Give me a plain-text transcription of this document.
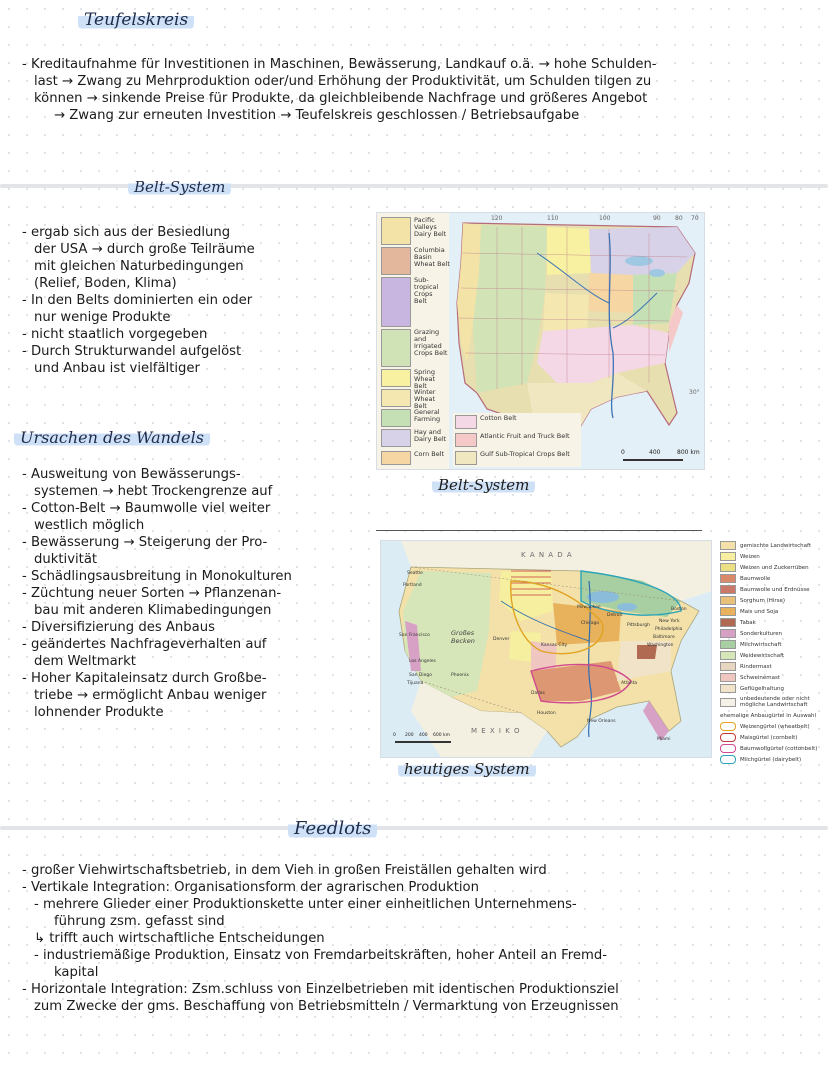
Teufelskreis

- Kreditaufnahme für Investitionen in Maschinen, Bewässerung, Landkauf o.ä. → hohe Schulden-

last → Zwang zu Mehrproduktion oder/und Erhöhung der Produktivität, um Schulden tilgen zu

können → sinkende Preise für Produkte, da gleichbleibende Nachfrage und größeres Angebot

→ Zwang zur erneuten Investition → Teufelskreis geschlossen / Betriebsaufgabe

Belt-System

- ergab sich aus der Besiedlung

der USA → durch große Teilräume

mit gleichen Naturbedingungen

(Relief, Boden, Klima)

- In den Belts dominierten ein oder

nur wenige Produkte

- nicht staatlich vorgegeben

- Durch Strukturwandel aufgelöst

und Anbau ist vielfältiger

120	110	100	90 80 70
30°
0	400	800 km
Pacific Valleys Dairy Belt
Columbia Basin Wheat Belt
Sub-tropical Crops Belt
Grazing and Irrigated Crops Belt
Spring Wheat Belt
Winter Wheat Belt
General Farming
Hay and Dairy Belt
Corn Belt
Cotton Belt
Atlantic Fruit and Truck Belt
Gulf Sub-Tropical Crops Belt
Belt-System
Ursachen des Wandels

- Ausweitung von Bewässerungs-

systemen → hebt Trockengrenze auf

- Cotton-Belt → Baumwolle viel weiter

westlich möglich

- Bewässerung → Steigerung der Pro-

duktivität

- Schädlingsausbreitung in Monokulturen

- Züchtung neuer Sorten → Pflanzenan-

bau mit anderen Klimabedingungen

- Diversifizierung des Anbaus

- geändertes Nachfrageverhalten auf

dem Weltmarkt

- Hoher Kapitaleinsatz durch Großbe-

triebe → ermöglicht Anbau weniger

lohnender Produkte

K A N A D A
M E X I K O
Großes Becken
Seattle
Portland
San Francisco
Los Angeles
San Diego
Tijuana
Phoenix
Denver
Kansas City
Chicago
Detroit
Pittsburgh
Boston
New York
Philadelphia
Baltimore
Washington
Milwaukee
Atlanta
Houston
Dallas
New Orleans
Miami
0 200 400 600 km
gemischte Landwirtschaft
Weizen
Weizen und Zuckerrüben
Baumwolle
Baumwolle und Erdnüsse
Sorghum (Hirse)
Mais und Soja
Tabak
Sonderkulturen
Milchwirtschaft
Weidewirtschaft
Rindermast
Schweinemast
Geflügelhaltung
unbedeutende oder nicht mögliche Landwirtschaft
ehemalige Anbaugürtel in Auswahl
Weizengürtel (wheatbelt)
Maisgürtel (cornbelt)
Baumwollgürtel (cottonbelt)
Milchgürtel (dairybelt)
heutiges System
Feedlots

- großer Viehwirtschaftsbetrieb, in dem Vieh in großen Freiställen gehalten wird

- Vertikale Integration: Organisationsform der agrarischen Produktion

- mehrere Glieder einer Produktionskette unter einer einheitlichen Unternehmens-

führung zsm. gefasst sind

↳ trifft auch wirtschaftliche Entscheidungen

- industriemäßige Produktion, Einsatz von Fremdarbeitskräften, hoher Anteil an Fremd-

kapital

- Horizontale Integration: Zsm.schluss von Einzelbetrieben mit identischen Produktionsziel

zum Zwecke der gms. Beschaffung von Betriebsmitteln / Vermarktung von Erzeugnissen
